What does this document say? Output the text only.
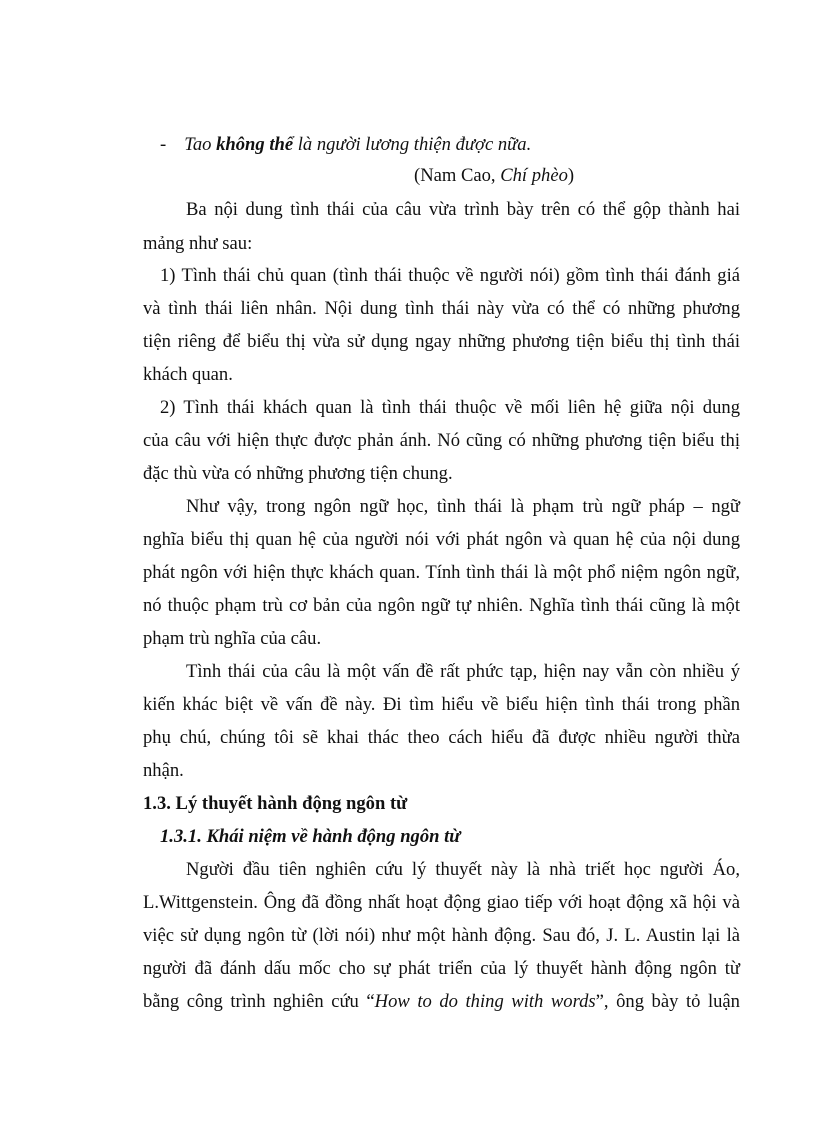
- Tao không thể là người lương thiện được nữa.
(Nam Cao, Chí phèo)
Ba nội dung tình thái của câu vừa trình bày trên có thể gộp thành hai
mảng như sau:
1) Tình thái chủ quan (tình thái thuộc về người nói) gồm tình thái đánh giá
và tình thái liên nhân. Nội dung tình thái này vừa có thể có những phương
tiện riêng để biểu thị vừa sử dụng ngay những phương tiện biểu thị tình thái
khách quan.
2) Tình thái khách quan là tình thái thuộc về mối liên hệ giữa nội dung
của câu với hiện thực được phản ánh. Nó cũng có những phương tiện biểu thị
đặc thù vừa có những phương tiện chung.
Như vậy, trong ngôn ngữ học, tình thái là phạm trù ngữ pháp – ngữ
nghĩa biểu thị quan hệ của người nói với phát ngôn và quan hệ của nội dung
phát ngôn với hiện thực khách quan. Tính tình thái là một phổ niệm ngôn ngữ,
nó thuộc phạm trù cơ bản của ngôn ngữ tự nhiên. Nghĩa tình thái cũng là một
phạm trù nghĩa của câu.
Tình thái của câu là một vấn đề rất phức tạp, hiện nay vẫn còn nhiều ý
kiến khác biệt về vấn đề này. Đi tìm hiểu về biểu hiện tình thái trong phần
phụ chú, chúng tôi sẽ khai thác theo cách hiểu đã được nhiều người thừa
nhận.
1.3. Lý thuyết hành động ngôn từ
1.3.1. Khái niệm về hành động ngôn từ
Người đầu tiên nghiên cứu lý thuyết này là nhà triết học người Áo,
L.Wittgenstein. Ông đã đồng nhất hoạt động giao tiếp với hoạt động xã hội và
việc sử dụng ngôn từ (lời nói) như một hành động. Sau đó, J. L. Austin lại là
người đã đánh dấu mốc cho sự phát triển của lý thuyết hành động ngôn từ
bằng công trình nghiên cứu “How to do thing with words”, ông bày tỏ luận
